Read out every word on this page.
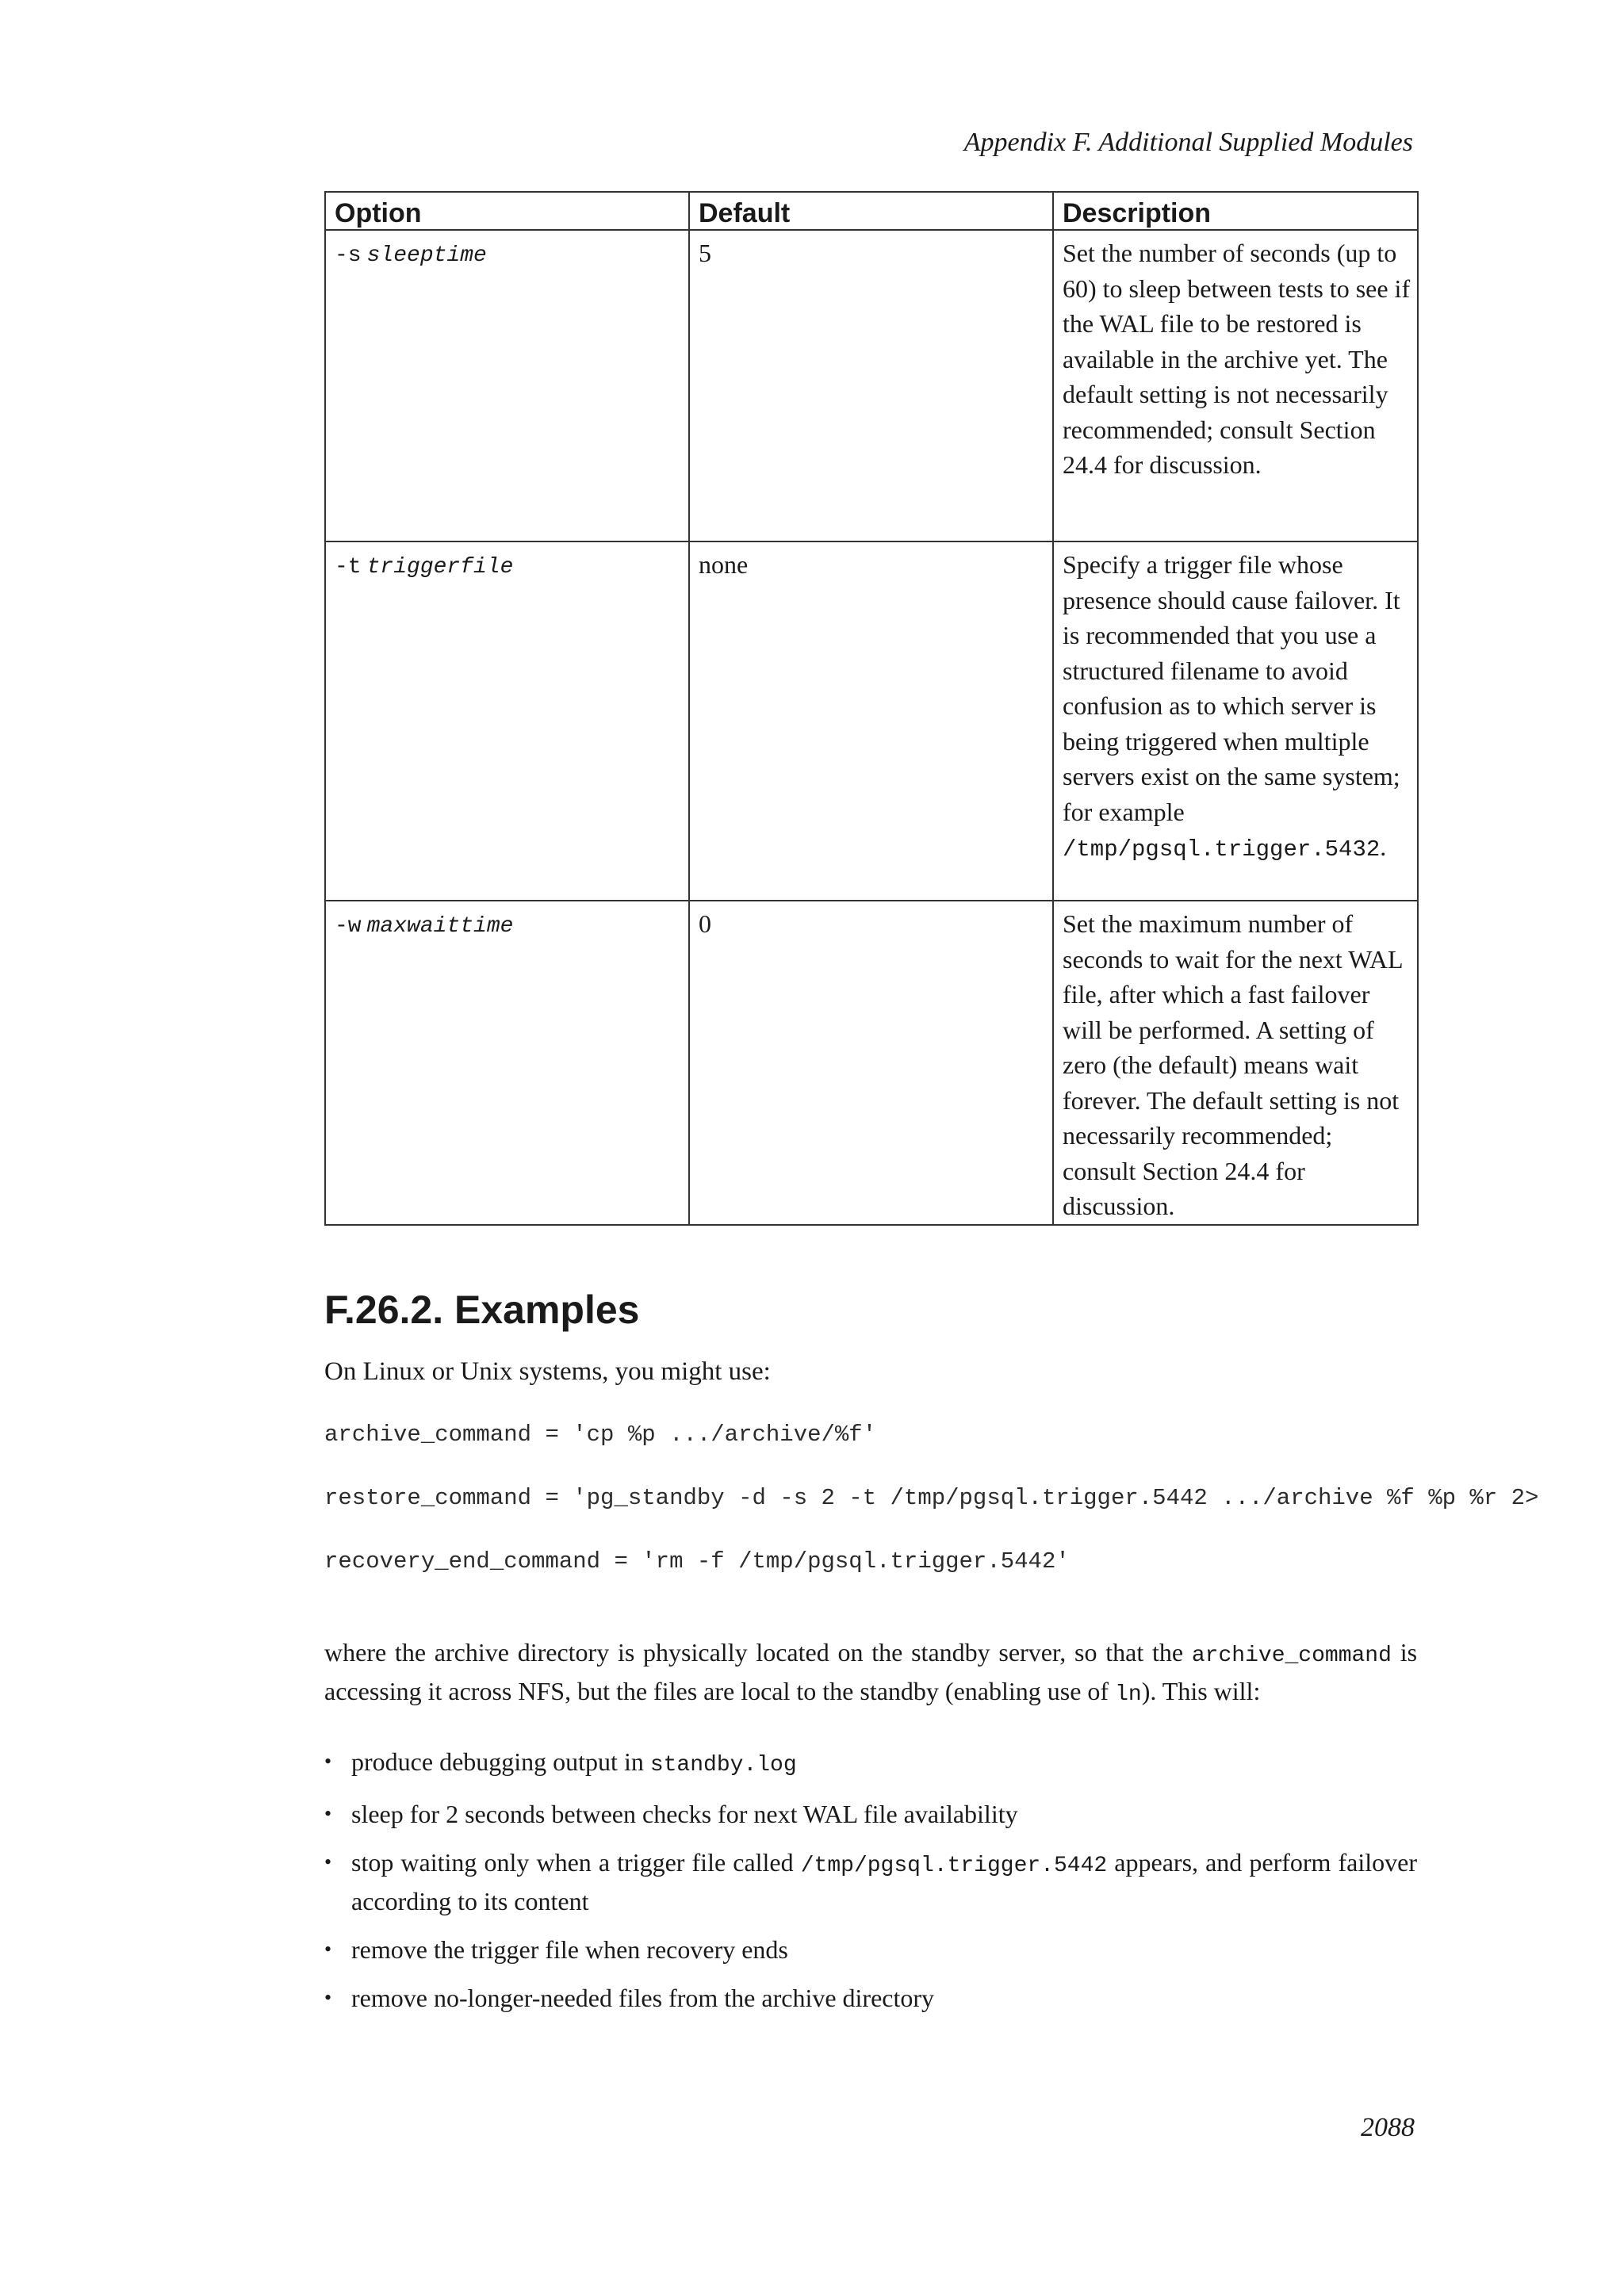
Appendix F. Additional Supplied Modules
Option	Default	Description
-s sleeptime	5	Set the number of seconds (up to 60) to sleep between tests to see if the WAL file to be restored is available in the archive yet. The default setting is not necessarily recommended; consult Section 24.4 for discussion.
-t triggerfile	none	Specify a trigger file whose presence should cause failover. It is recommended that you use a structured filename to avoid confusion as to which server is being triggered when multiple servers exist on the same system; for example /tmp/pgsql.trigger.5432.
-w maxwaittime	0	Set the maximum number of seconds to wait for the next WAL file, after which a fast failover will be performed. A setting of zero (the default) means wait forever. The default setting is not necessarily recommended; consult Section 24.4 for discussion.
F.26.2. Examples
On Linux or Unix systems, you might use:
archive_command = 'cp %p .../archive/%f'
restore_command = 'pg_standby -d -s 2 -t /tmp/pgsql.trigger.5442 .../archive %f %p %r 2>
recovery_end_command = 'rm -f /tmp/pgsql.trigger.5442'
where the archive directory is physically located on the standby server, so that the archive_command is accessing it across NFS, but the files are local to the standby (enabling use of ln). This will:
• produce debugging output in standby.log
• sleep for 2 seconds between checks for next WAL file availability
• stop waiting only when a trigger file called /tmp/pgsql.trigger.5442 appears, and perform failover according to its content
• remove the trigger file when recovery ends
• remove no-longer-needed files from the archive directory
2088
